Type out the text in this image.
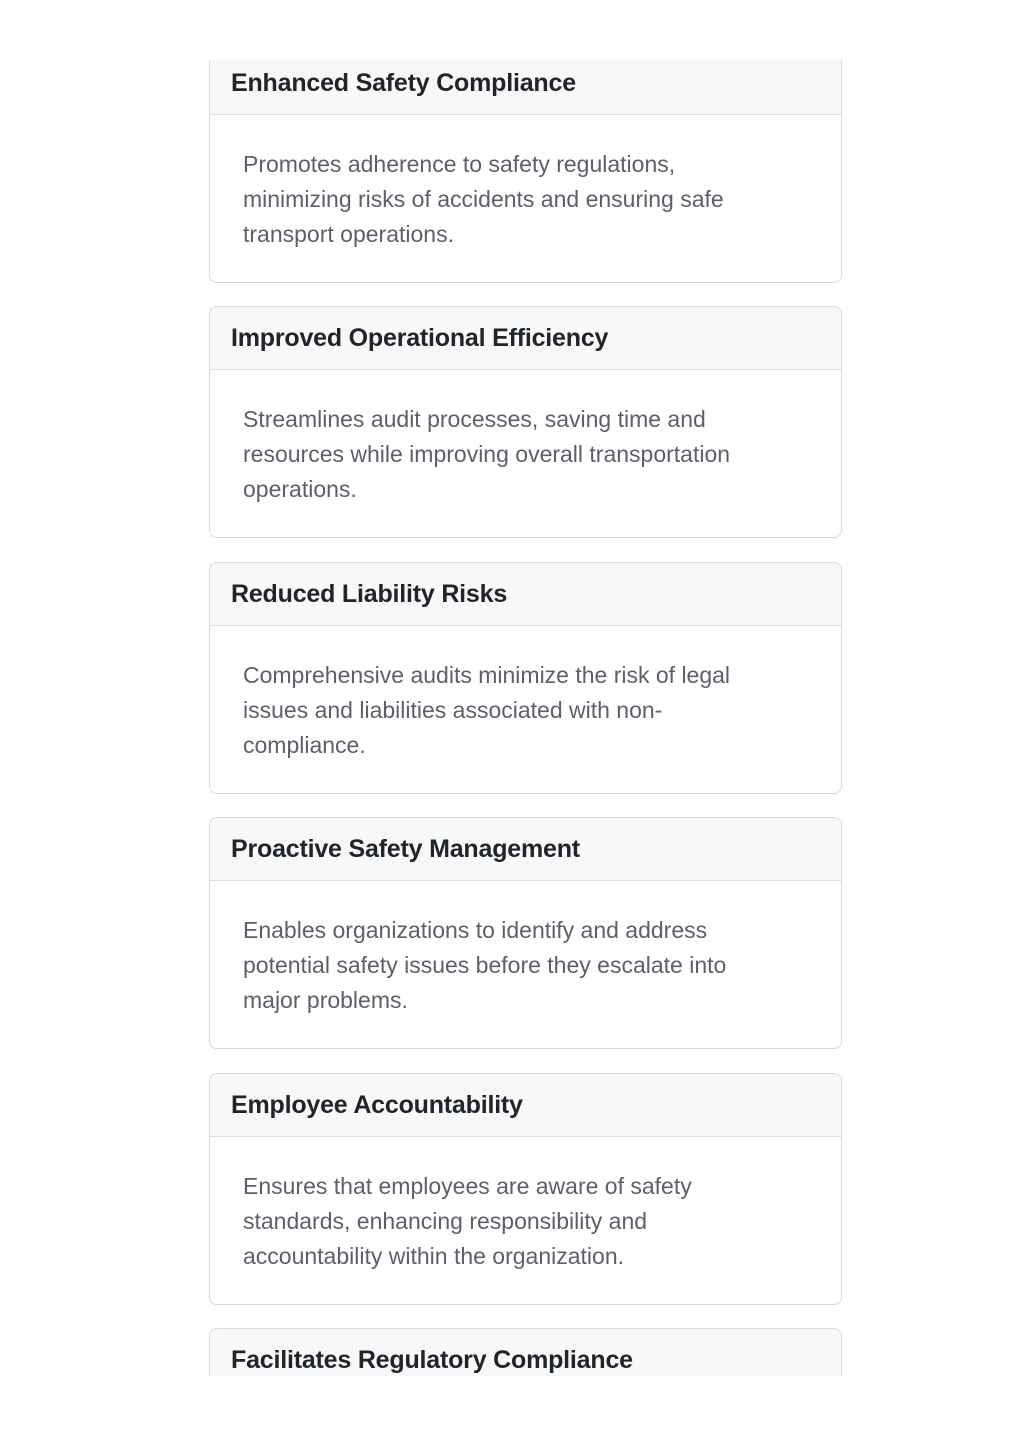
Enhanced Safety Compliance

Promotes adherence to safety regulations, minimizing risks of accidents and ensuring safe transport operations.

Improved Operational Efficiency

Streamlines audit processes, saving time and resources while improving overall transportation operations.

Reduced Liability Risks

Comprehensive audits minimize the risk of legal issues and liabilities associated with non-compliance.

Proactive Safety Management

Enables organizations to identify and address potential safety issues before they escalate into major problems.

Employee Accountability

Ensures that employees are aware of safety standards, enhancing responsibility and accountability within the organization.

Facilitates Regulatory Compliance
